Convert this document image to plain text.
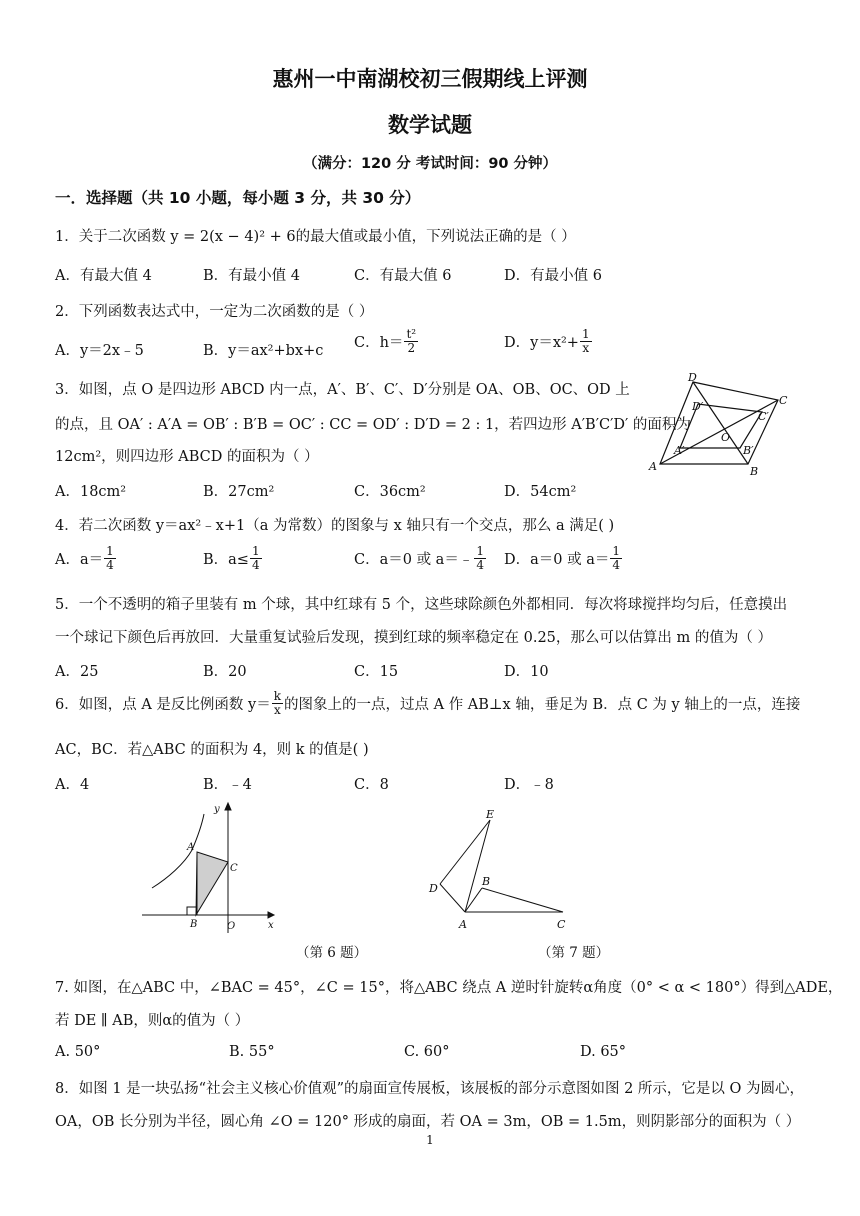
惠州一中南湖校初三假期线上评测
数学试题
（满分：120 分 考试时间：90 分钟）
一．选择题（共 10 小题，每小题 3 分，共 30 分）
1．关于二次函数 y = 2(x − 4)² + 6的最大值或最小值，下列说法正确的是（ ）
A．有最大值 4	B．有最小值 4	C．有最大值 6	D．有最小值 6
2．下列函数表达式中，一定为二次函数的是（ ）
A．y＝2x﹣5	B．y＝ax²+bx+c C．$h= \frac{\text{t²}}{2}$	D．$y=x^2+ \frac{1}{x}$
3．如图，点 O 是四边形 ABCD 内一点，A′、B′、C′、D′分别是 OA、OB、OC、OD 上
的点，且 OA′ : A′A = OB′ : B′B = OC′ : CC = OD′ : D′D = 2 : 1，若四边形 A′B′C′D′ 的面积为
12cm²，则四边形 ABCD 的面积为（ ）
A．18cm²	B．27cm²	C．36cm²	D．54cm²
A	B
C
D
A′	B′
C′
D′
O
4．若二次函数 y＝ax²﹣x+1（a 为常数）的图象与 x 轴只有一个交点，那么 a 满足( )
A．$a= \frac{1}{4}$	B．$a\le \frac{1}{4}$	C．a＝0 或 a＝﹣ $\frac{1}{4}$ D．a＝0 或 $a= \frac{1}{4}$
5．一个不透明的箱子里装有 m 个球，其中红球有 5 个，这些球除颜色外都相同．每次将球搅拌均匀后，任意摸出
一个球记下颜色后再放回．大量重复试验后发现，摸到红球的频率稳定在 0.25，那么可以估算出 m 的值为（ ）
A．25	B．20	C．15	D．10
6．如图，点 A 是反比例函数 $y= \frac{k}{x}$ 的图象上的一点，过点 A 作 AB⊥x 轴，垂足为 B．点 C 为 y 轴上的一点，连接
AC，BC．若△ABC 的面积为 4，则 k 的值是( )
A．4	B．﹣4	C．8	D．﹣8
y
x
A
B
C
O
（第 6 题）
E
D
B
A	C
（第 7 题）
7. 如图，在△ABC 中，∠BAC = 45°，∠C = 15°，将△ABC 绕点 A 逆时针旋转α角度（0° < α < 180°）得到△ADE，
若 DE ∥ AB，则α的值为（ ）
A. 50°	B. 55°	C. 60°	D. 65°
8．如图 1 是一块弘扬“社会主义核心价值观”的扇面宣传展板，该展板的部分示意图如图 2 所示，它是以 O 为圆心，
OA，OB 长分别为半径，圆心角 ∠O = 120° 形成的扇面，若 OA = 3m，OB = 1.5m，则阴影部分的面积为（ ）
1
